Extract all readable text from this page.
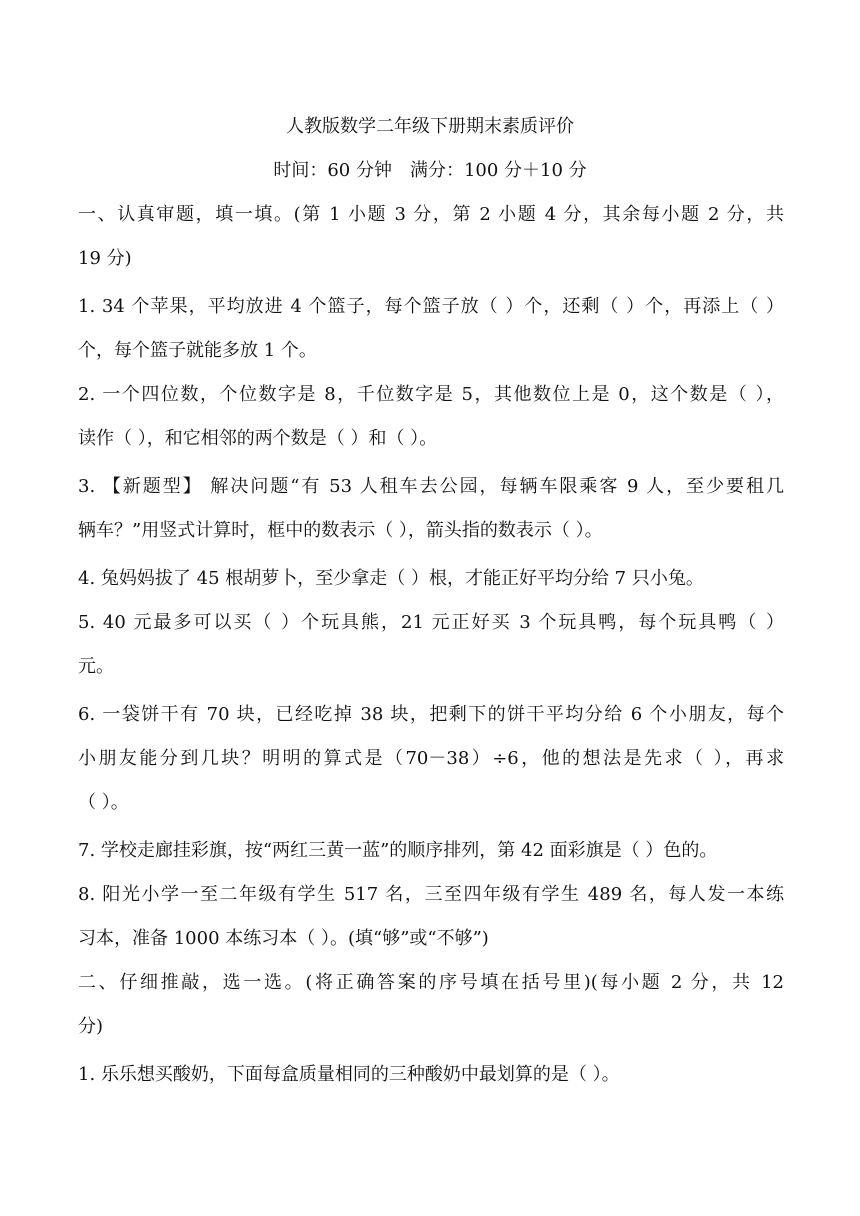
人教版数学二年级下册期末素质评价
时间：60 分钟　满分：100 分＋10 分
一、认真审题，填一填。(第 1 小题 3 分，第 2 小题 4 分，其余每小题 2 分，共
19 分)
1. 34 个苹果，平均放进 4 个篮子，每个篮子放（ ）个，还剩（ ）个，再添上（ ）
个，每个篮子就能多放 1 个。
2. 一个四位数，个位数字是 8，千位数字是 5，其他数位上是 0，这个数是（ ），
读作（ ），和它相邻的两个数是（ ）和（ ）。
3. 【新题型】 解决问题“有 53 人租车去公园，每辆车限乘客 9 人，至少要租几
辆车？”用竖式计算时，框中的数表示（ ），箭头指的数表示（ ）。
4. 兔妈妈拔了 45 根胡萝卜，至少拿走（ ）根，才能正好平均分给 7 只小兔。
5. 40 元最多可以买（ ）个玩具熊，21 元正好买 3 个玩具鸭，每个玩具鸭（ ）
元。
6. 一袋饼干有 70 块，已经吃掉 38 块，把剩下的饼干平均分给 6 个小朋友，每个
小朋友能分到几块？明明的算式是（70－38）÷6，他的想法是先求（ ），再求
（ ）。
7. 学校走廊挂彩旗，按“两红三黄一蓝”的顺序排列，第 42 面彩旗是（ ）色的。
8. 阳光小学一至二年级有学生 517 名，三至四年级有学生 489 名，每人发一本练
习本，准备 1000 本练习本（ ）。(填“够”或“不够”)
二、仔细推敲，选一选。(将正确答案的序号填在括号里)(每小题 2 分，共 12
分)
1. 乐乐想买酸奶，下面每盒质量相同的三种酸奶中最划算的是（ ）。
